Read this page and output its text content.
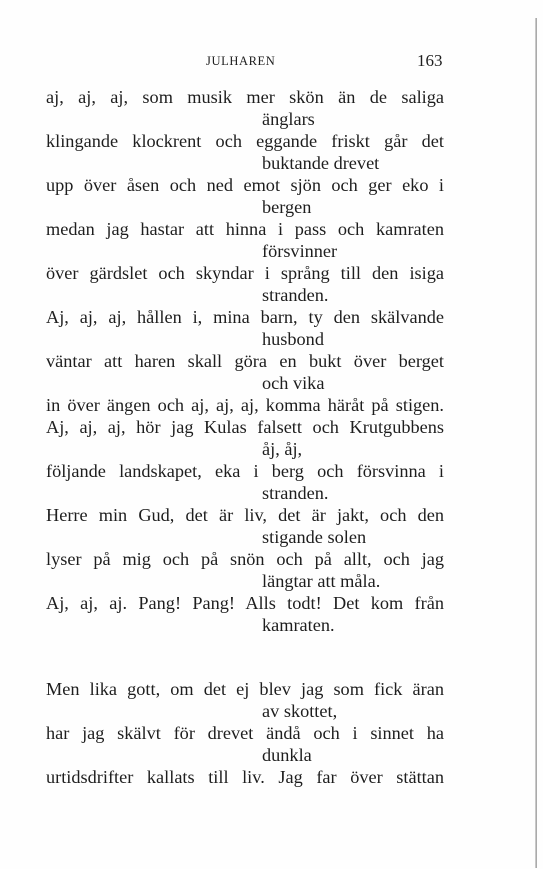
JULHAREN	163
aj, aj, aj, som musik mer skön än de saliga
änglars
klingande klockrent och eggande friskt går det
buktande drevet
upp över åsen och ned emot sjön och ger eko i
bergen
medan jag hastar att hinna i pass och kamraten
försvinner
över gärdslet och skyndar i språng till den isiga
stranden.
Aj, aj, aj, hållen i, mina barn, ty den skälvande
husbond
väntar att haren skall göra en bukt över berget
och vika
in över ängen och aj, aj, aj, komma häråt på stigen.
Aj, aj, aj, hör jag Kulas falsett och Krutgubbens
åj, åj,
följande landskapet, eka i berg och försvinna i
stranden.
Herre min Gud, det är liv, det är jakt, och den
stigande solen
lyser på mig och på snön och på allt, och jag
längtar att måla.
Aj, aj, aj. Pang! Pang! Alls todt! Det kom från
kamraten.
Men lika gott, om det ej blev jag som fick äran
av skottet,
har jag skälvt för drevet ändå och i sinnet ha
dunkla
urtidsdrifter kallats till liv. Jag far över stättan
